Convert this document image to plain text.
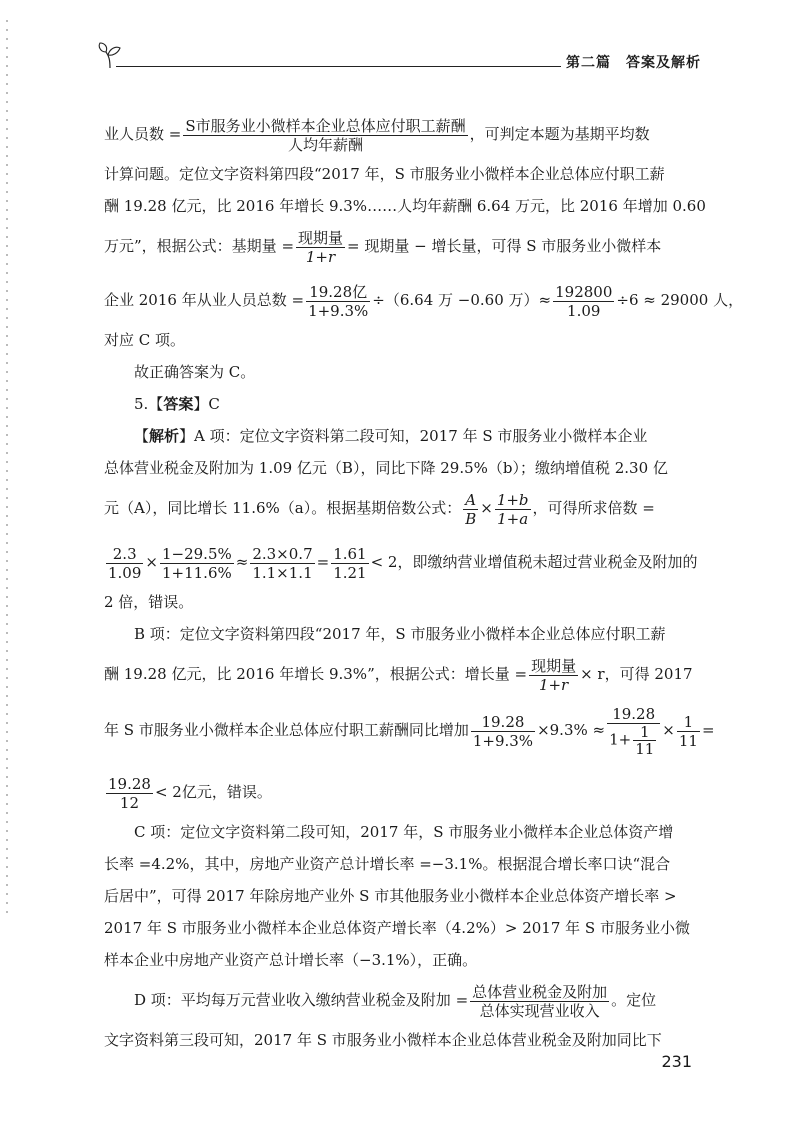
第二篇　答案及解析
业人员数 = $\frac{\text{S市服务业小微样本企业总体应付职工薪酬}}{\text{人均年薪酬}}$ ，可判定本题为基期平均数
计算问题。定位文字资料第四段“2017 年，S 市服务业小微样本企业总体应付职工薪
酬 19.28 亿元，比 2016 年增长 9.3%……人均年薪酬 6.64 万元，比 2016 年增加 0.60
万元”，根据公式：基期量 = $\frac{\text{现期量}}{1+r}$ = 现期量 − 增长量，可得 S 市服务业小微样本
企业 2016 年从业人员总数 = $\frac{\text{19.28亿}}{1+9.3\%} \div(6.64$ 万 −0.60 万）≈ $\frac{192800}{1.09} \div 6 \approx 29000$ 人，
对应 C 项。
故正确答案为 C。
5.【答案】C
【解析】A 项：定位文字资料第二段可知，2017 年 S 市服务业小微样本企业
总体营业税金及附加为 1.09 亿元（B），同比下降 29.5%（b）；缴纳增值税 2.30 亿
元（A），同比增长 11.6%（a）。根据基期倍数公式： $\frac{A}{B} \times \frac{1+b}{1+a}$ ，可得所求倍数 =
$\frac{2.3}{1.09} \times \frac{1-29.5\%}{1+11.6\%} \approx \frac{2.3\times 0.7}{1.1\times 1.1} = \frac{1.61}{1.21} < 2$，即缴纳营业增值税未超过营业税金及附加的
2 倍，错误。
B 项：定位文字资料第四段“2017 年，S 市服务业小微样本企业总体应付职工薪
酬 19.28 亿元，比 2016 年增长 9.3%”，根据公式：增长量 = $\frac{\text{现期量}}{1+r} \times r$，可得 2017
年 S 市服务业小微样本企业总体应付职工薪酬同比增加 $\frac{19.28}{1+9.3\%} \times 9.3\% \approx \frac{19.28}{1+ \frac{1}{11}} \times \frac{1}{11}$ =
$\frac{19.28}{12} < 2$亿元，错误。
C 项：定位文字资料第二段可知，2017 年，S 市服务业小微样本企业总体资产增
长率 =4.2%，其中，房地产业资产总计增长率 =−3.1%。根据混合增长率口诀“混合
后居中”，可得 2017 年除房地产业外 S 市其他服务业小微样本企业总体资产增长率 >
2017 年 S 市服务业小微样本企业总体资产增长率（4.2%）> 2017 年 S 市服务业小微
样本企业中房地产业资产总计增长率（−3.1%），正确。
D 项：平均每万元营业收入缴纳营业税金及附加 = $\frac{\text{总体营业税金及附加}}{\text{总体实现营业收入}}$ 。定位
文字资料第三段可知，2017 年 S 市服务业小微样本企业总体营业税金及附加同比下
231
